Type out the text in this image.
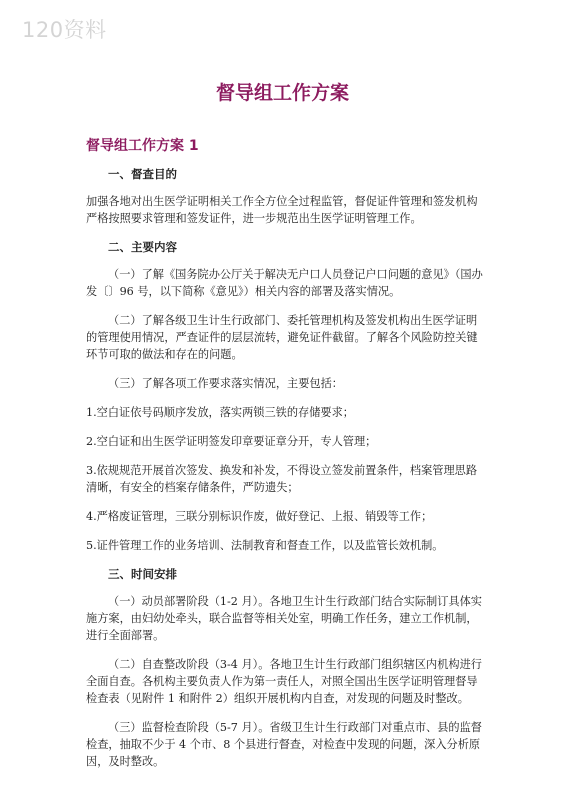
120资料
督导组工作方案
督导组工作方案 1
一、督查目的
加强各地对出生医学证明相关工作全方位全过程监管，督促证件管理和签发机构严格按照要求管理和签发证件，进一步规范出生医学证明管理工作。
二、主要内容
（一）了解《国务院办公厅关于解决无户口人员登记户口问题的意见》（国办发〔〕96 号，以下简称《意见》）相关内容的部署及落实情况。
（二）了解各级卫生计生行政部门、委托管理机构及签发机构出生医学证明的管理使用情况，严查证件的层层流转，避免证件截留。了解各个风险防控关键环节可取的做法和存在的问题。
（三）了解各项工作要求落实情况，主要包括：
1.空白证依号码顺序发放，落实两锁三铁的存储要求；
2.空白证和出生医学证明签发印章要证章分开，专人管理；
3.依规规范开展首次签发、换发和补发，不得设立签发前置条件，档案管理思路清晰，有安全的档案存储条件，严防遗失；
4.严格废证管理，三联分别标识作废，做好登记、上报、销毁等工作；
5.证件管理工作的业务培训、法制教育和督查工作，以及监管长效机制。
三、时间安排
（一）动员部署阶段（1-2 月）。各地卫生计生行政部门结合实际制订具体实施方案，由妇幼处牵头，联合监督等相关处室，明确工作任务，建立工作机制，进行全面部署。
（二）自查整改阶段（3-4 月）。各地卫生计生行政部门组织辖区内机构进行全面自查。各机构主要负责人作为第一责任人，对照全国出生医学证明管理督导检查表（见附件 1 和附件 2）组织开展机构内自查，对发现的问题及时整改。
（三）监督检查阶段（5-7 月）。省级卫生计生行政部门对重点市、县的监督检查，抽取不少于 4 个市、8 个县进行督查，对检查中发现的问题，深入分析原因，及时整改。
